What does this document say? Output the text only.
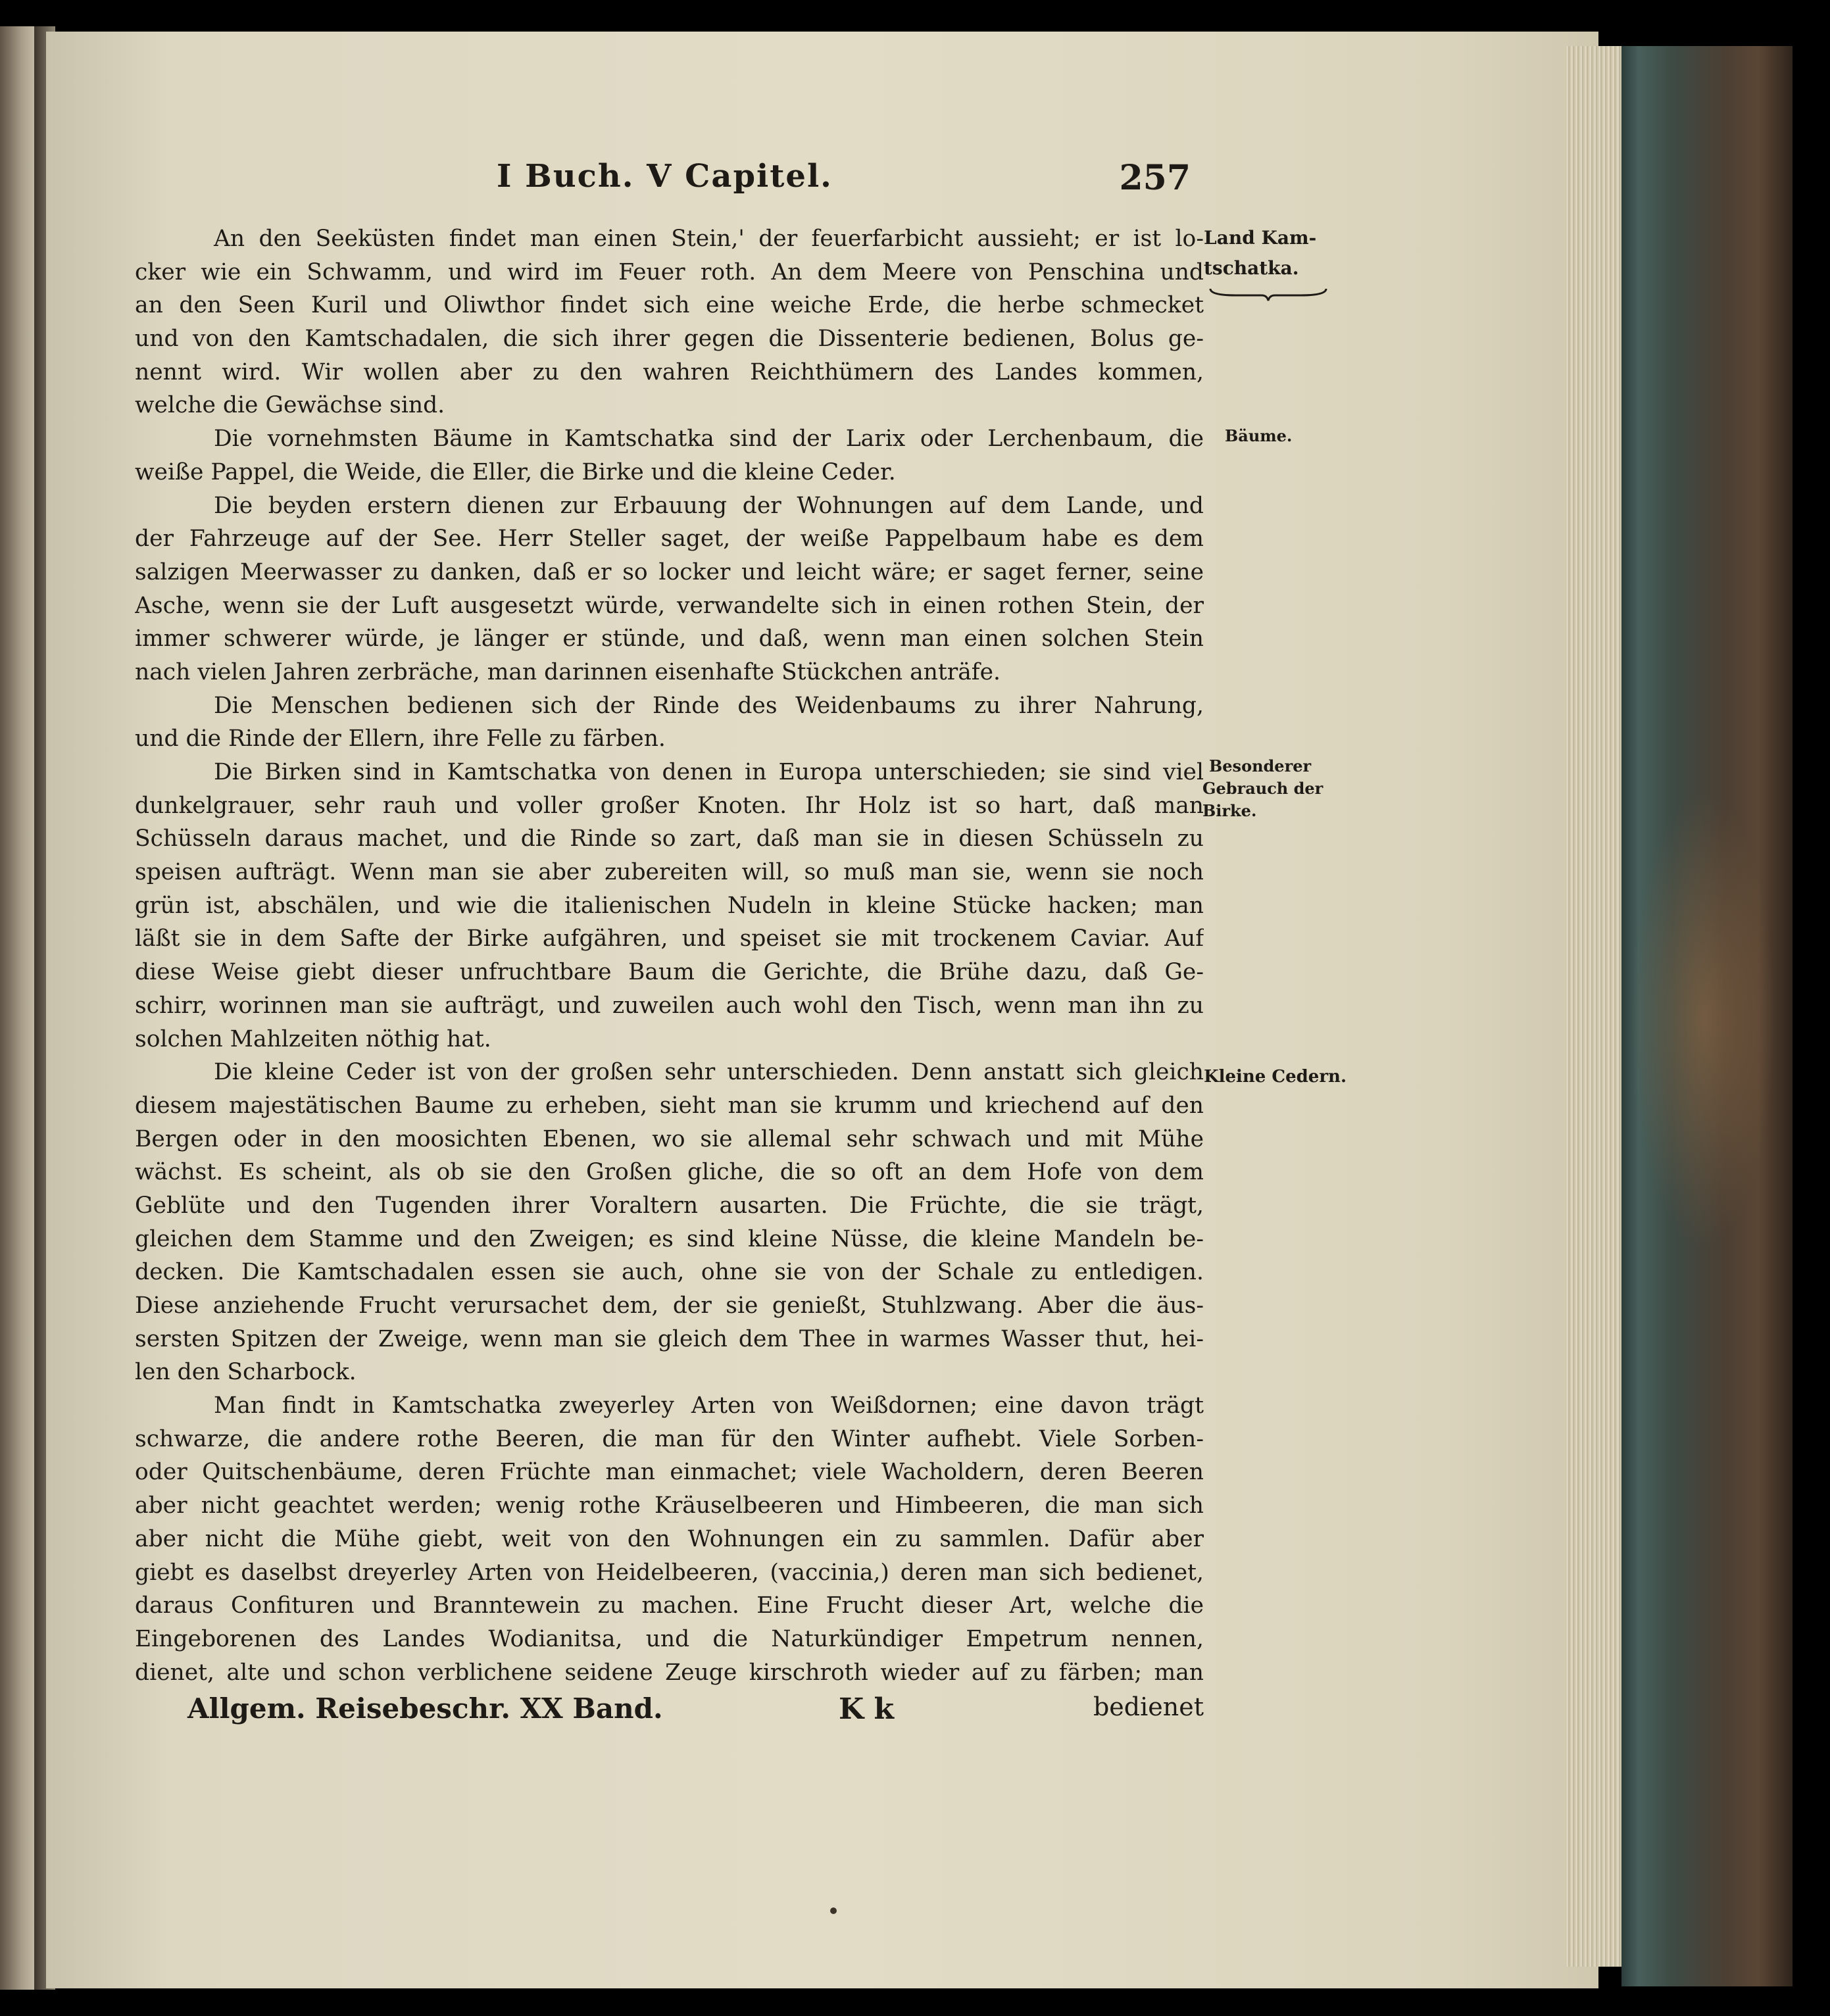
I Buch. V Capitel.	257
Land Kam-
tschatka.
Bäume.
Besonderer
Gebrauch der
Birke.
Kleine Cedern.
An den Seeküsten findet man einen Stein,' der feuerfarbicht aussieht; er ist lo-
cker wie ein Schwamm, und wird im Feuer roth. An dem Meere von Penschina und
an den Seen Kuril und Oliwthor findet sich eine weiche Erde, die herbe schmecket
und von den Kamtschadalen, die sich ihrer gegen die Dissenterie bedienen, Bolus ge-
nennt wird. Wir wollen aber zu den wahren Reichthümern des Landes kommen,
welche die Gewächse sind.
Die vornehmsten Bäume in Kamtschatka sind der Larix oder Lerchenbaum, die
weiße Pappel, die Weide, die Eller, die Birke und die kleine Ceder.
Die beyden erstern dienen zur Erbauung der Wohnungen auf dem Lande, und
der Fahrzeuge auf der See. Herr Steller saget, der weiße Pappelbaum habe es dem
salzigen Meerwasser zu danken, daß er so locker und leicht wäre; er saget ferner, seine
Asche, wenn sie der Luft ausgesetzt würde, verwandelte sich in einen rothen Stein, der
immer schwerer würde, je länger er stünde, und daß, wenn man einen solchen Stein
nach vielen Jahren zerbräche, man darinnen eisenhafte Stückchen anträfe.
Die Menschen bedienen sich der Rinde des Weidenbaums zu ihrer Nahrung,
und die Rinde der Ellern, ihre Felle zu färben.
Die Birken sind in Kamtschatka von denen in Europa unterschieden; sie sind viel
dunkelgrauer, sehr rauh und voller großer Knoten. Ihr Holz ist so hart, daß man
Schüsseln daraus machet, und die Rinde so zart, daß man sie in diesen Schüsseln zu
speisen aufträgt. Wenn man sie aber zubereiten will, so muß man sie, wenn sie noch
grün ist, abschälen, und wie die italienischen Nudeln in kleine Stücke hacken; man
läßt sie in dem Safte der Birke aufgähren, und speiset sie mit trockenem Caviar. Auf
diese Weise giebt dieser unfruchtbare Baum die Gerichte, die Brühe dazu, daß Ge-
schirr, worinnen man sie aufträgt, und zuweilen auch wohl den Tisch, wenn man ihn zu
solchen Mahlzeiten nöthig hat.
Die kleine Ceder ist von der großen sehr unterschieden. Denn anstatt sich gleich
diesem majestätischen Baume zu erheben, sieht man sie krumm und kriechend auf den
Bergen oder in den moosichten Ebenen, wo sie allemal sehr schwach und mit Mühe
wächst. Es scheint, als ob sie den Großen gliche, die so oft an dem Hofe von dem
Geblüte und den Tugenden ihrer Voraltern ausarten. Die Früchte, die sie trägt,
gleichen dem Stamme und den Zweigen; es sind kleine Nüsse, die kleine Mandeln be-
decken. Die Kamtschadalen essen sie auch, ohne sie von der Schale zu entledigen.
Diese anziehende Frucht verursachet dem, der sie genießt, Stuhlzwang. Aber die äus-
sersten Spitzen der Zweige, wenn man sie gleich dem Thee in warmes Wasser thut, hei-
len den Scharbock.
Man findt in Kamtschatka zweyerley Arten von Weißdornen; eine davon trägt
schwarze, die andere rothe Beeren, die man für den Winter aufhebt. Viele Sorben-
oder Quitschenbäume, deren Früchte man einmachet; viele Wacholdern, deren Beeren
aber nicht geachtet werden; wenig rothe Kräuselbeeren und Himbeeren, die man sich
aber nicht die Mühe giebt, weit von den Wohnungen ein zu sammlen. Dafür aber
giebt es daselbst dreyerley Arten von Heidelbeeren, (vaccinia,) deren man sich bedienet,
daraus Confituren und Branntewein zu machen. Eine Frucht dieser Art, welche die
Eingeborenen des Landes Wodianitsa, und die Naturkündiger Empetrum nennen,
dienet, alte und schon verblichene seidene Zeuge kirschroth wieder auf zu färben; man
Allgem. Reisebeschr. XX Band.	K k	bedienet
